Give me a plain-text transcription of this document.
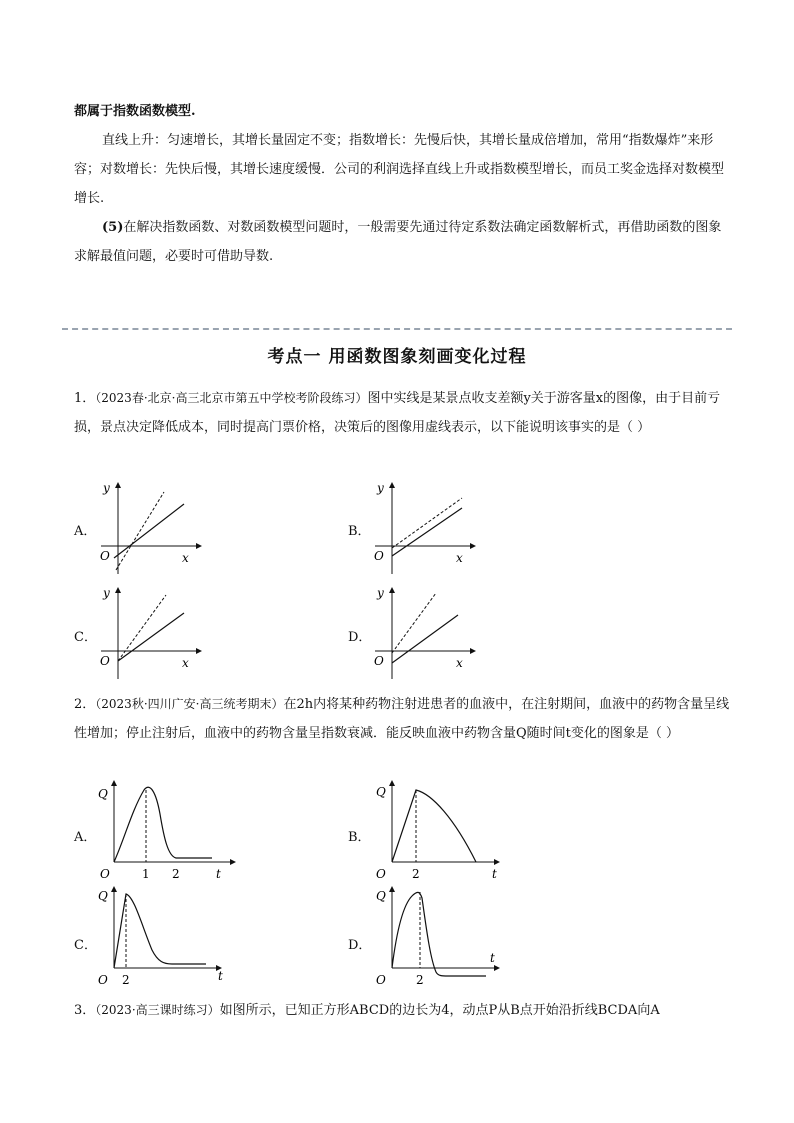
都属于指数函数模型.
直线上升：匀速增长，其增长量固定不变；指数增长：先慢后快，其增长量成倍增加，常用“指数爆炸”来形容；对数增长：先快后慢，其增长速度缓慢．公司的利润选择直线上升或指数模型增长，而员工奖金选择对数模型增长.
(5)在解决指数函数、对数函数模型问题时，一般需要先通过待定系数法确定函数解析式，再借助函数的图象求解最值问题，必要时可借助导数.
考点一 用函数图象刻画变化过程
1．（2023春·北京·高三北京市第五中学校考阶段练习）图中实线是某景点收支差额y关于游客量x的图像，由于目前亏损，景点决定降低成本，同时提高门票价格，决策后的图像用虚线表示，以下能说明该事实的是（ ）
A．
y
x
O
B．
y
x
O
C．
y
x
O
D．
y
x
O
2．（2023秋·四川广安·高三统考期末）在2h内将某种药物注射进患者的血液中，在注射期间，血液中的药物含量呈线性增加；停止注射后，血液中的药物含量呈指数衰减．能反映血液中药物含量Q随时间t变化的图象是（ ）
A．
Q
t
O	1 2
B．
Q
t
O 2
C．
Q
t
O 2
D．
Q
t
O	2
3．（2023·高三课时练习）如图所示，已知正方形ABCD的边长为4，动点P从B点开始沿折线BCDA向A
